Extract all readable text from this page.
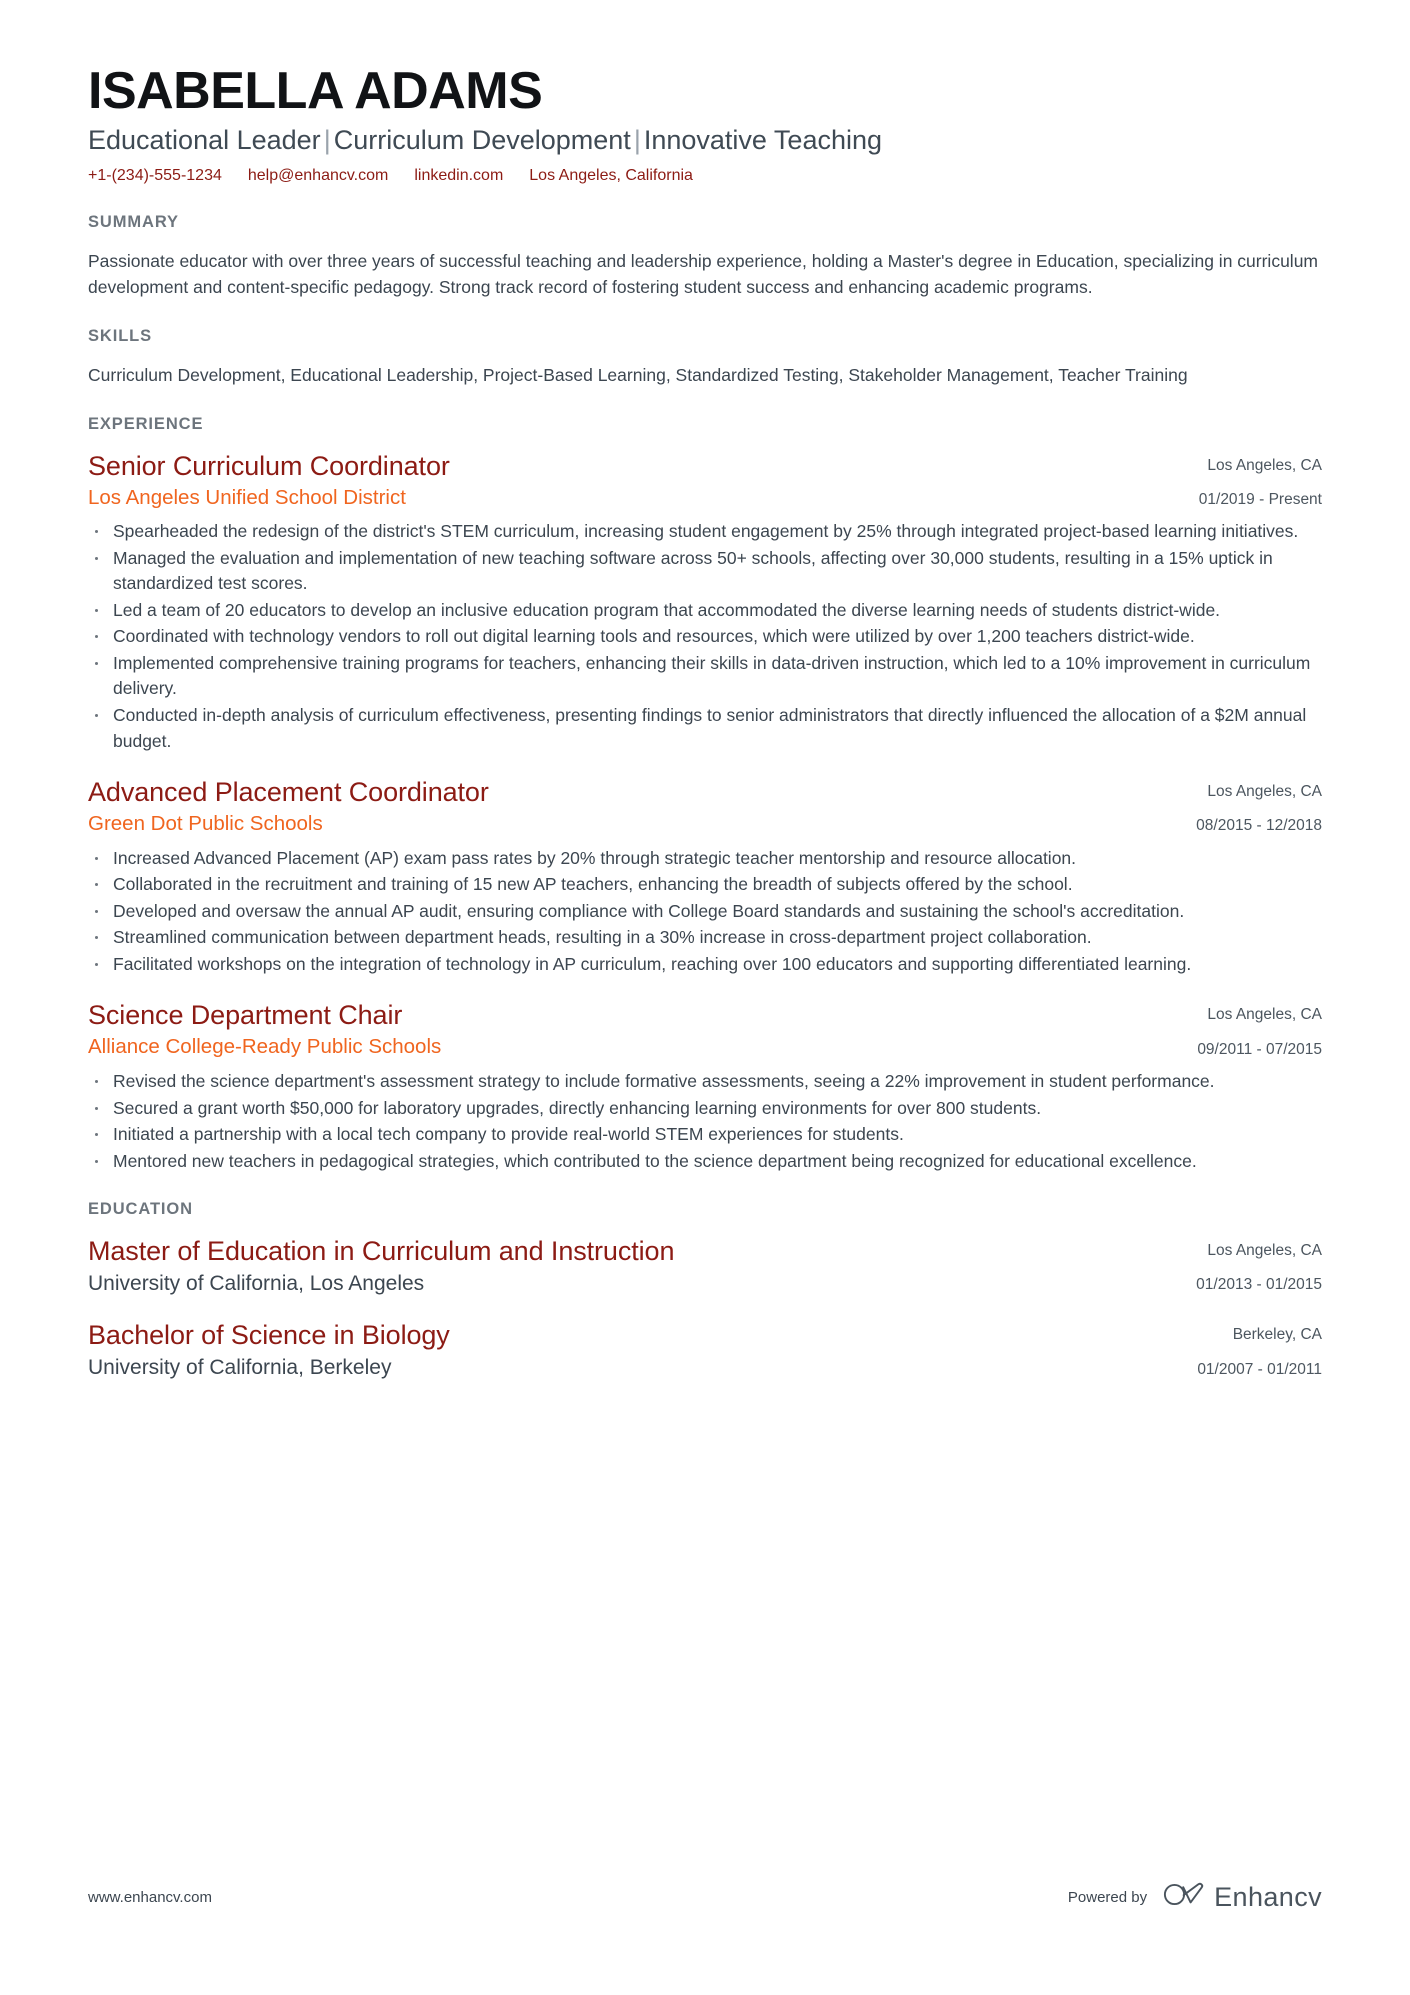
ISABELLA ADAMS
Educational Leader | Curriculum Development | Innovative Teaching
+1-(234)-555-1234 help@enhancv.com linkedin.com Los Angeles, California
SUMMARY
Passionate educator with over three years of successful teaching and leadership experience, holding a Master's degree in Education, specializing in curriculum development and content-specific pedagogy. Strong track record of fostering student success and enhancing academic programs.
SKILLS
Curriculum Development, Educational Leadership, Project-Based Learning, Standardized Testing, Stakeholder Management, Teacher Training
EXPERIENCE
Senior Curriculum Coordinator
Los Angeles Unified School District
Los Angeles, CA
01/2019 - Present
Spearheaded the redesign of the district's STEM curriculum, increasing student engagement by 25% through integrated project-based learning initiatives.
Managed the evaluation and implementation of new teaching software across 50+ schools, affecting over 30,000 students, resulting in a 15% uptick in standardized test scores.
Led a team of 20 educators to develop an inclusive education program that accommodated the diverse learning needs of students district-wide.
Coordinated with technology vendors to roll out digital learning tools and resources, which were utilized by over 1,200 teachers district-wide.
Implemented comprehensive training programs for teachers, enhancing their skills in data-driven instruction, which led to a 10% improvement in curriculum delivery.
Conducted in-depth analysis of curriculum effectiveness, presenting findings to senior administrators that directly influenced the allocation of a $2M annual budget.
Advanced Placement Coordinator
Green Dot Public Schools
Los Angeles, CA
08/2015 - 12/2018
Increased Advanced Placement (AP) exam pass rates by 20% through strategic teacher mentorship and resource allocation.
Collaborated in the recruitment and training of 15 new AP teachers, enhancing the breadth of subjects offered by the school.
Developed and oversaw the annual AP audit, ensuring compliance with College Board standards and sustaining the school's accreditation.
Streamlined communication between department heads, resulting in a 30% increase in cross-department project collaboration.
Facilitated workshops on the integration of technology in AP curriculum, reaching over 100 educators and supporting differentiated learning.
Science Department Chair
Alliance College-Ready Public Schools
Los Angeles, CA
09/2011 - 07/2015
Revised the science department's assessment strategy to include formative assessments, seeing a 22% improvement in student performance.
Secured a grant worth $50,000 for laboratory upgrades, directly enhancing learning environments for over 800 students.
Initiated a partnership with a local tech company to provide real-world STEM experiences for students.
Mentored new teachers in pedagogical strategies, which contributed to the science department being recognized for educational excellence.
EDUCATION
Master of Education in Curriculum and Instruction
University of California, Los Angeles
Los Angeles, CA
01/2013 - 01/2015
Bachelor of Science in Biology
University of California, Berkeley
Berkeley, CA
01/2007 - 01/2011
www.enhancv.com	Powered by Enhancv
